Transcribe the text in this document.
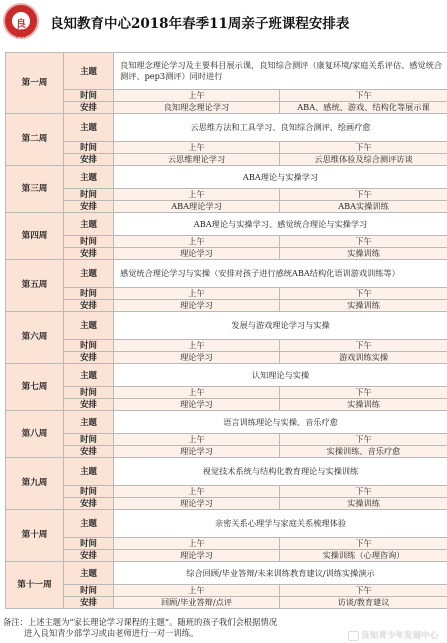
良知
良知教育中心2018年春季11周亲子班课程安排表
第一周	主题	良知理念理论学习及主要科目展示课，良知综合测评（康复环境/家庭关系评估、感觉统合测评、pep3测评）同时进行	
	时间	上午	下午
	安排	良知理念理论学习	ABA、感统、游戏、结构化等展示课
第二周	主题	云思维方法和工具学习、良知综合测评、绘画疗愈	
	时间	上午	下午
	安排	云思维理论学习	云思维体验及综合测评访谈
第三周	主题	ABA理论与实操学习	
	时间	上午	下午
	安排	ABA理论学习	ABA实操训练
第四周	主题	ABA理论与实操学习、感觉统合理论与实操学习	
	时间	上午	下午
	安排	理论学习	实操训练
第五周	主题	感觉统合理论学习与实操（安排对孩子进行感统ABA结构化语训游戏训练等）	
	时间	上午	下午
	安排	理论学习	实操训练
第六周	主题	发展与游戏理论学习与实操	
	时间	上午	下午
	安排	理论学习	游戏训练实操
第七周	主题	认知理论与实操	
	时间	上午	下午
	安排	理论学习	实操训练
第八周	主题	语言训练理论与实操、音乐疗愈	
	时间	上午	下午
	安排	理论学习	实操训练、音乐疗愈
第九周	主题	视觉技术系统与结构化教育理论与实操训练	
	时间	上午	下午
	安排	理论学习	实操训练
第十周	主题	亲密关系心理学与家庭关系梳理体验	
	时间	上午	下午
	安排	理论学习	实操训练（心理咨询）
第十一周	主题	综合回顾/毕业答辩/未来训练教育建议/训练实操演示	
	时间	上午	下午
	安排	回顾/毕业答辩/点评	访谈/教育建议
备注：上述主题为“家长理论学习课程的主题”。随班的孩子我们会根据情况
进入良知青少部学习或由老师进行一对一训练。	良知青少年发展中心
